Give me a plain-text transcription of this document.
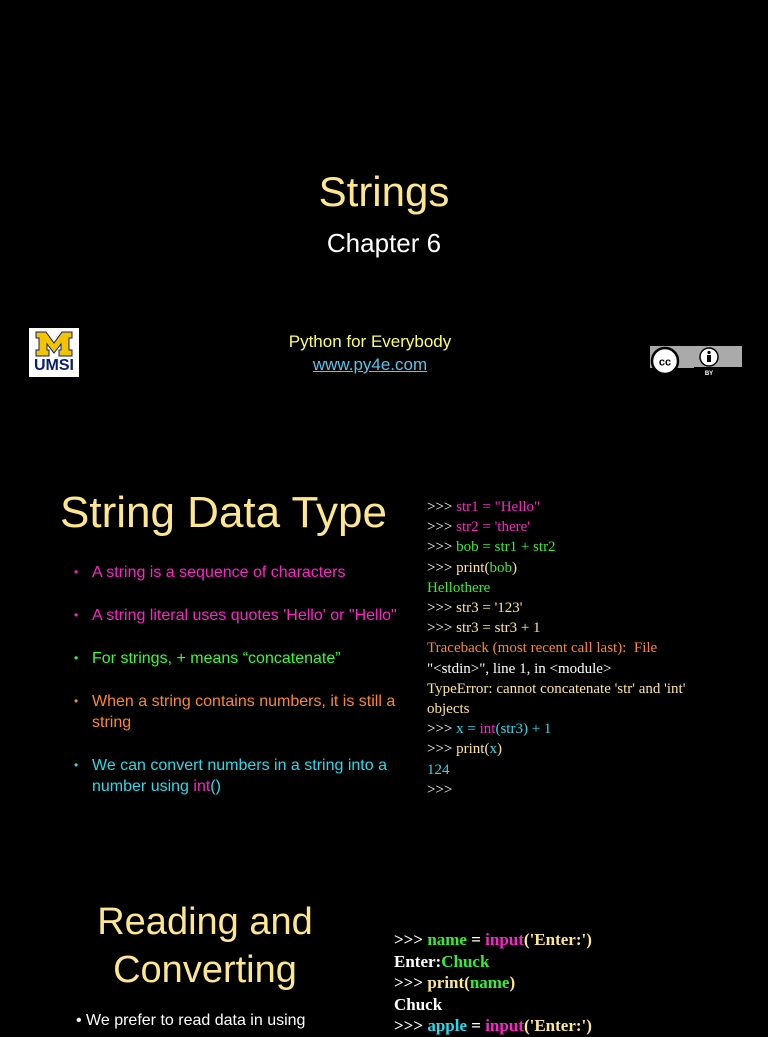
Strings
Chapter 6
UMSI
Python for Everybody
www.py4e.com	cc
BY
String Data Type
• A string is a sequence of characters
• A string literal uses quotes 'Hello' or "Hello"
• For strings, + means “concatenate”
• When a string contains numbers, it is still a string
• We can convert numbers in a string into a number using int()
>>> str1 = "Hello"
>>> str2 = 'there'
>>> bob = str1 + str2
>>> print(bob)
Hellothere
>>> str3 = '123'
>>> str3 = str3 + 1
Traceback (most recent call last):  File
"<stdin>", line 1, in <module>
TypeError: cannot concatenate 'str' and 'int'
objects
>>> x = int(str3) + 1
>>> print(x)
124
>>>
Reading and
Converting
• We prefer to read data in using
>>> name = input('Enter:')
Enter:Chuck
>>> print(name)
Chuck
>>> apple = input('Enter:')
